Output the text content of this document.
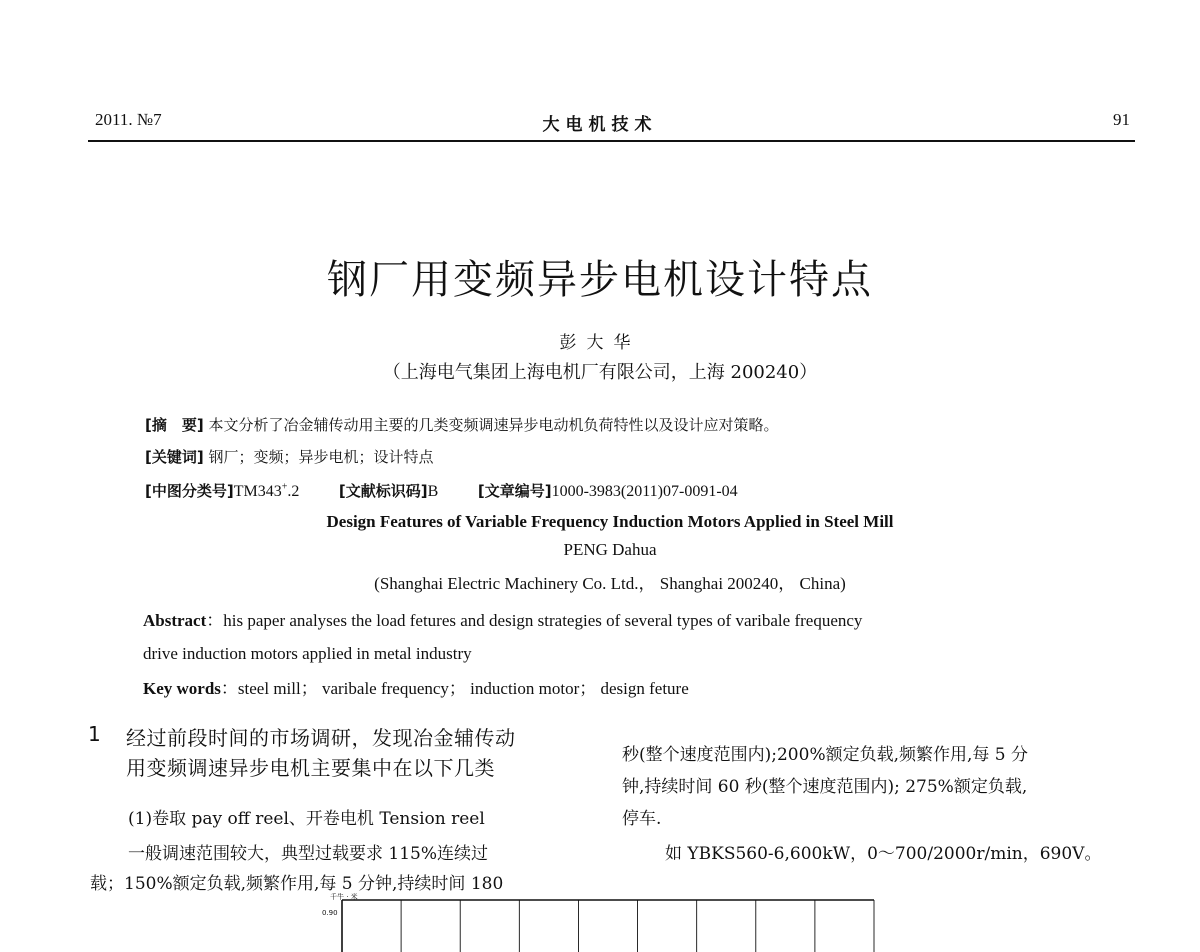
2011. №7	大电机技术	91
钢厂用变频异步电机设计特点
彭大华
（上海电气集团上海电机厂有限公司，上海 200240）
[摘　要] 本文分析了冶金辅传动用主要的几类变频调速异步电动机负荷特性以及设计应对策略。
[关键词] 钢厂；变频；异步电机；设计特点
[中图分类号]TM343+.2	[文献标识码]B	[文章编号]1000-3983(2011)07-0091-04
Design Features of Variable Frequency Induction Motors Applied in Steel Mill
PENG Dahua
(Shanghai Electric Machinery Co. Ltd.， Shanghai 200240， China)
Abstract：his paper analyses the load fetures and design strategies of several types of varibale frequency
drive induction motors applied in metal industry
Key words：steel mill； varibale frequency； induction motor； design feture
1 经过前段时间的市场调研，发现冶金辅传动
用变频调速异步电机主要集中在以下几类
(1)卷取 pay off reel、开卷电机 Tension reel
一般调速范围较大，典型过载要求 115%连续过
载；150%额定负载,频繁作用,每 5 分钟,持续时间 180
秒(整个速度范围内);200%额定负载,频繁作用,每 5 分
钟,持续时间 60 秒(整个速度范围内); 275%额定负载,
停车.
如 YBKS560-6,600kW，0～700/2000r/min，690V。
千牛 · 米
0.90
